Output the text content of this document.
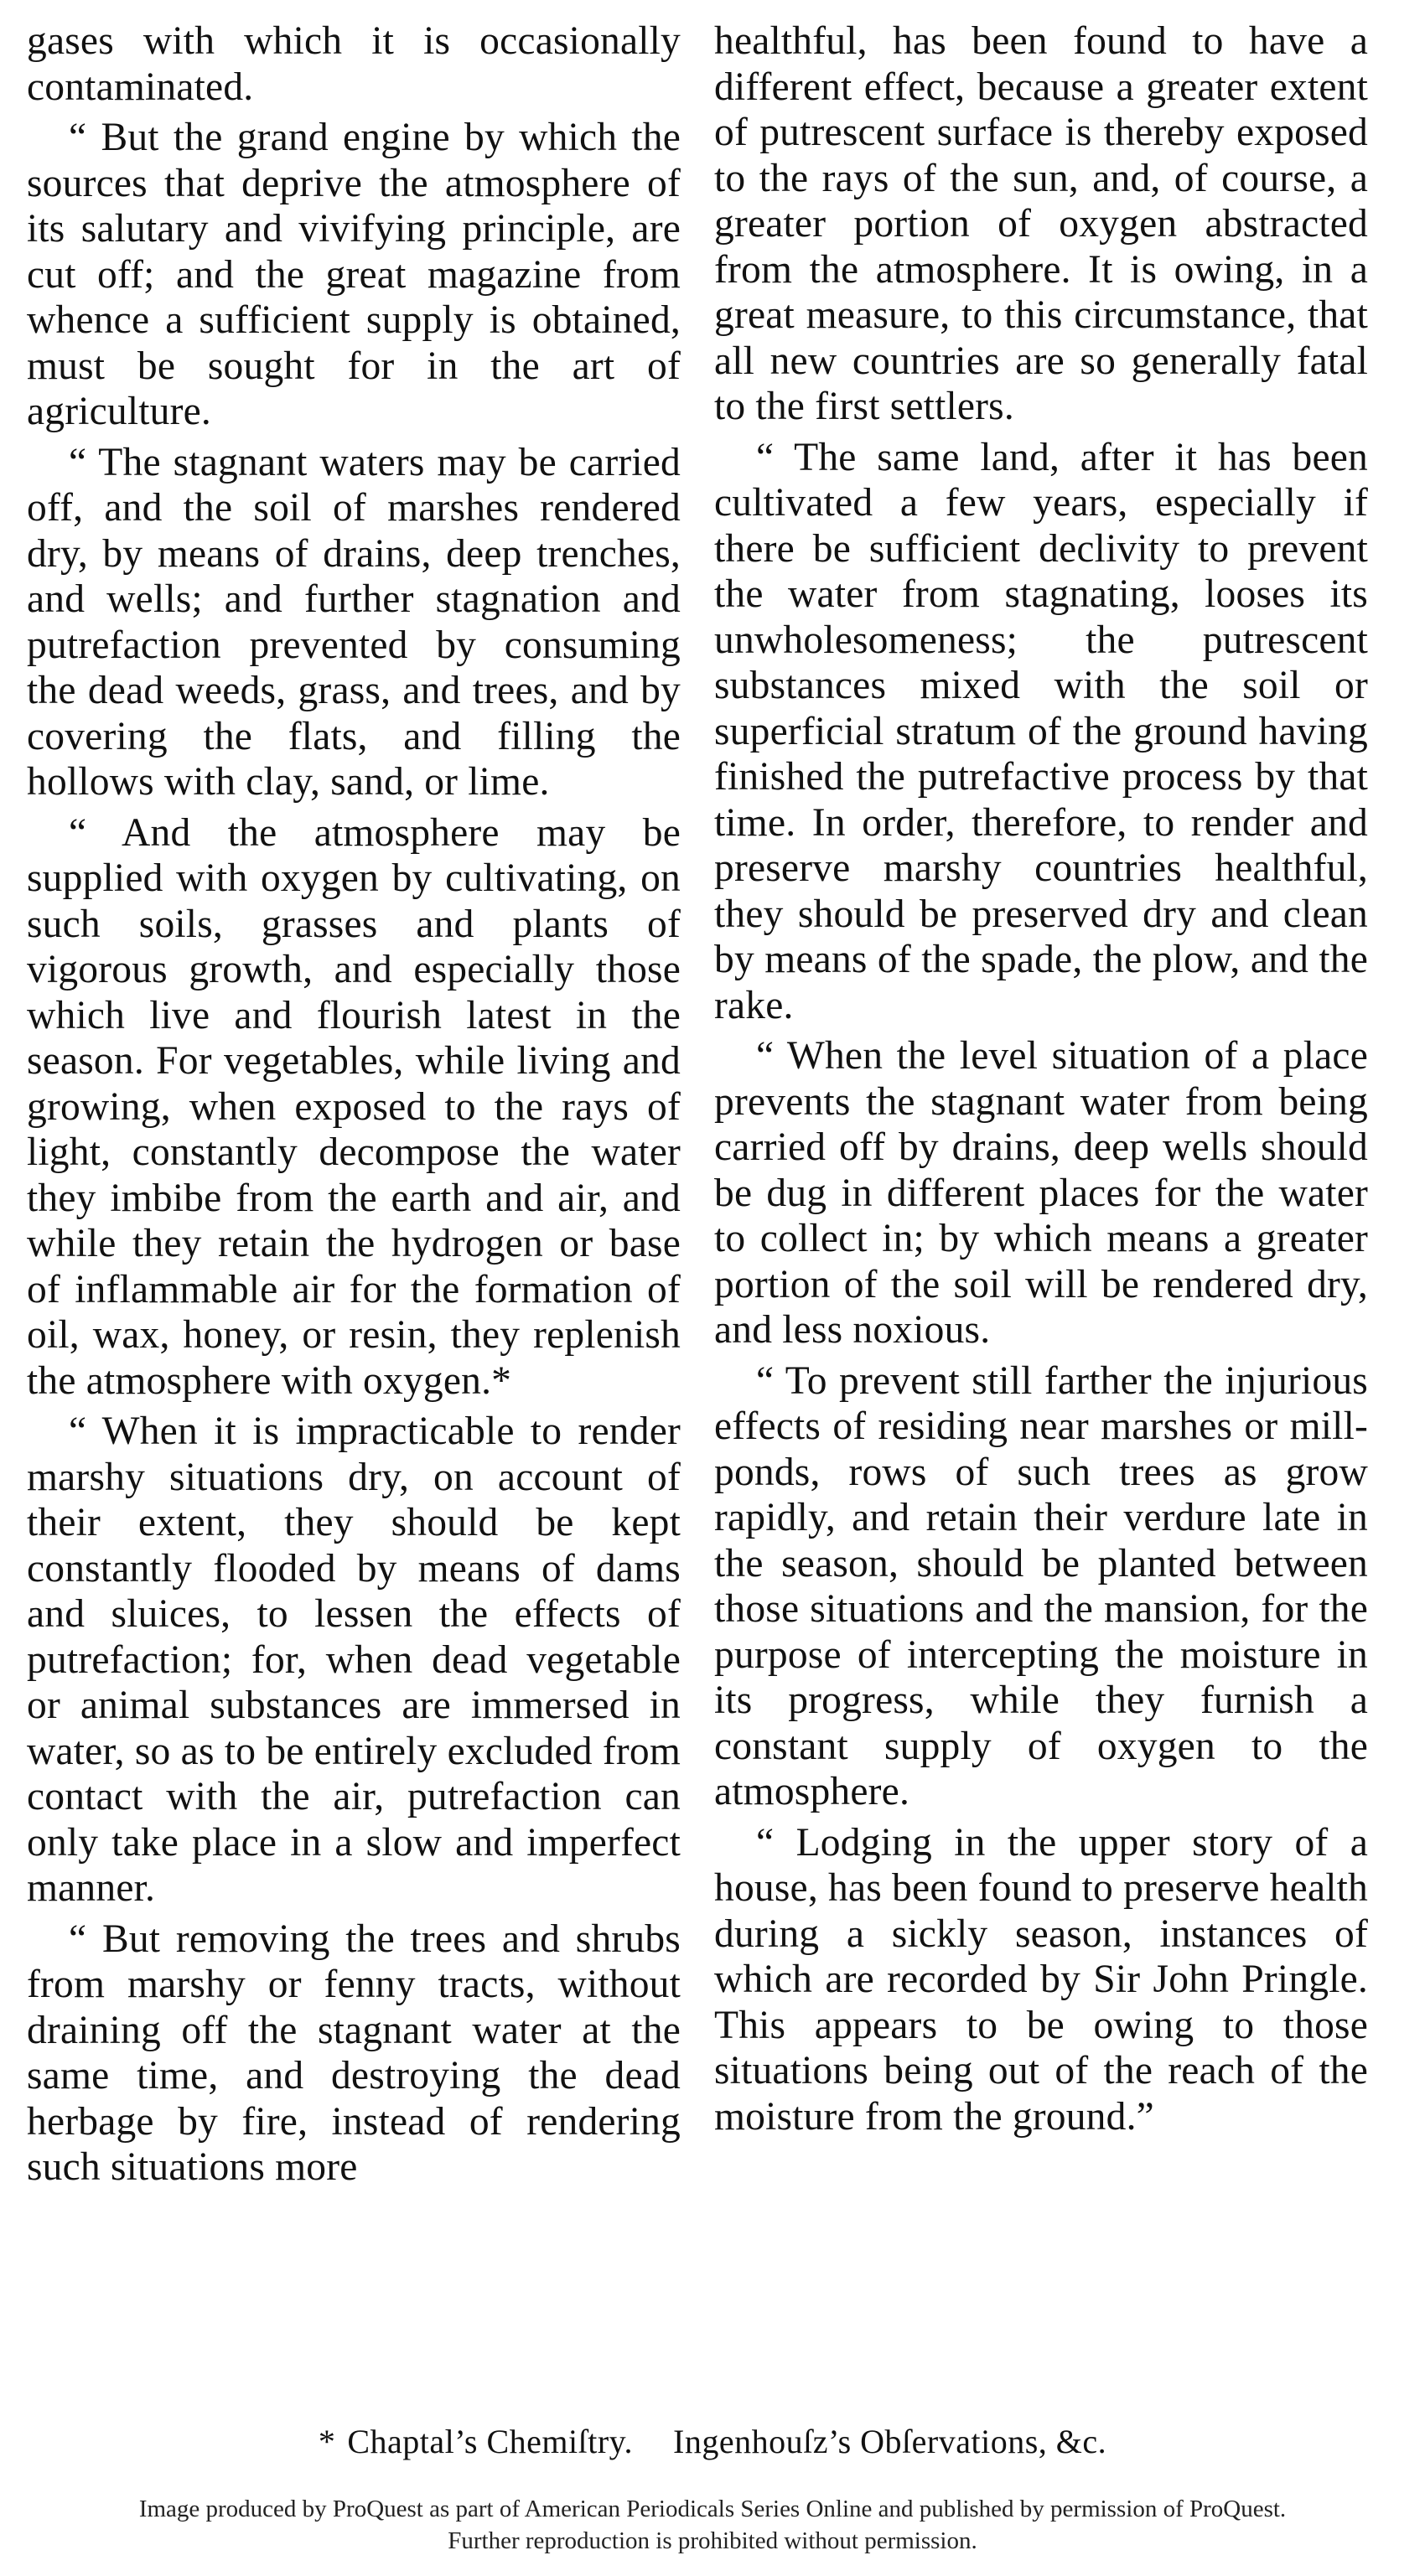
gases with which it is occasionally contaminated.

“ But the grand engine by which the sources that deprive the atmosphere of its salutary and vivifying principle, are cut off; and the great magazine from whence a sufficient supply is obtained, must be sought for in the art of agriculture.

“ The stagnant waters may be carried off, and the soil of marshes rendered dry, by means of drains, deep trenches, and wells; and further stagnation and putrefaction prevented by consuming the dead weeds, grass, and trees, and by covering the flats, and filling the hollows with clay, sand, or lime.

“ And the atmosphere may be supplied with oxygen by cultivating, on such soils, grasses and plants of vigorous growth, and especially those which live and flourish latest in the season. For vegetables, while living and growing, when exposed to the rays of light, constantly decompose the water they imbibe from the earth and air, and while they retain the hydrogen or base of inflammable air for the formation of oil, wax, honey, or resin, they replenish the atmosphere with oxygen.*

“ When it is impracticable to render marshy situations dry, on account of their extent, they should be kept constantly flooded by means of dams and sluices, to lessen the effects of putrefaction; for, when dead vegetable or animal substances are immersed in water, so as to be entirely excluded from contact with the air, putrefaction can only take place in a slow and imperfect manner.

“ But removing the trees and shrubs from marshy or fenny tracts, without draining off the stagnant water at the same time, and destroying the dead herbage by fire, instead of rendering such situations more

healthful, has been found to have a different effect, because a greater extent of putrescent surface is thereby exposed to the rays of the sun, and, of course, a greater portion of oxygen abstracted from the atmosphere. It is owing, in a great measure, to this circumstance, that all new countries are so generally fatal to the first settlers.

“ The same land, after it has been cultivated a few years, especially if there be sufficient declivity to prevent the water from stagnating, looses its unwholesomeness; the putrescent substances mixed with the soil or superficial stratum of the ground having finished the putrefactive process by that time. In order, therefore, to render and preserve marshy countries healthful, they should be preserved dry and clean by means of the spade, the plow, and the rake.

“ When the level situation of a place prevents the stagnant water from being carried off by drains, deep wells should be dug in different places for the water to collect in; by which means a greater portion of the soil will be rendered dry, and less noxious.

“ To prevent still farther the injurious effects of residing near marshes or mill-ponds, rows of such trees as grow rapidly, and retain their verdure late in the season, should be planted between those situations and the mansion, for the purpose of intercepting the moisture in its progress, while they furnish a constant supply of oxygen to the atmosphere.

“ Lodging in the upper story of a house, has been found to preserve health during a sickly season, instances of which are recorded by Sir John Pringle. This appears to be owing to those situations being out of the reach of the moisture from the ground.”

* Chaptal’s Chemiſtry. Ingenhouſz’s Obſervations, &c.
Image produced by ProQuest as part of American Periodicals Series Online and published by permission of ProQuest.
Further reproduction is prohibited without permission.
